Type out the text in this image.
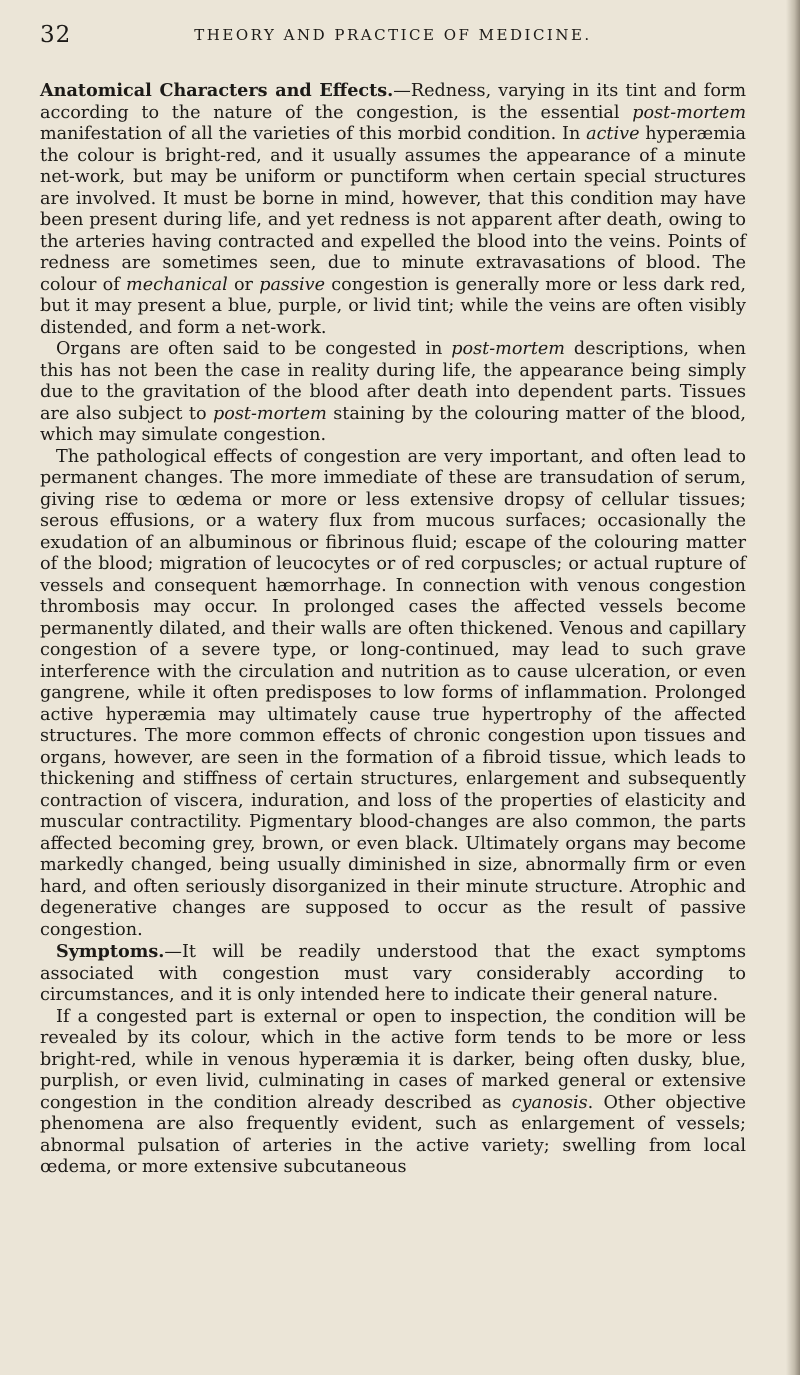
32	THEORY AND PRACTICE OF MEDICINE.

Anatomical Characters and Effects.—Redness, varying in its tint and form according to the nature of the congestion, is the essential post-mortem manifestation of all the varieties of this morbid condition. In active hyperæmia the colour is bright-red, and it usually assumes the appearance of a minute net-work, but may be uniform or punctiform when certain special structures are involved. It must be borne in mind, however, that this condition may have been present during life, and yet redness is not apparent after death, owing to the arteries having contracted and expelled the blood into the veins. Points of redness are sometimes seen, due to minute extravasations of blood. The colour of mechanical or passive congestion is generally more or less dark red, but it may present a blue, purple, or livid tint; while the veins are often visibly distended, and form a net-work.

Organs are often said to be congested in post-mortem descriptions, when this has not been the case in reality during life, the appearance being simply due to the gravitation of the blood after death into dependent parts. Tissues are also subject to post-mortem staining by the colouring matter of the blood, which may simulate congestion.

The pathological effects of congestion are very important, and often lead to permanent changes. The more immediate of these are transudation of serum, giving rise to œdema or more or less extensive dropsy of cellular tissues; serous effusions, or a watery flux from mucous surfaces; occasionally the exudation of an albuminous or fibrinous fluid; escape of the colouring matter of the blood; migration of leucocytes or of red corpuscles; or actual rupture of vessels and consequent hæmorrhage. In connection with venous congestion thrombosis may occur. In prolonged cases the affected vessels become permanently dilated, and their walls are often thickened. Venous and capillary congestion of a severe type, or long-continued, may lead to such grave interference with the circulation and nutrition as to cause ulceration, or even gangrene, while it often predisposes to low forms of inflammation. Prolonged active hyperæmia may ultimately cause true hypertrophy of the affected structures. The more common effects of chronic congestion upon tissues and organs, however, are seen in the formation of a fibroid tissue, which leads to thickening and stiffness of certain structures, enlargement and subsequently contraction of viscera, induration, and loss of the properties of elasticity and muscular contractility. Pigmentary blood-changes are also common, the parts affected becoming grey, brown, or even black. Ultimately organs may become markedly changed, being usually diminished in size, abnormally firm or even hard, and often seriously disorganized in their minute structure. Atrophic and degenerative changes are supposed to occur as the result of passive congestion.

Symptoms.—It will be readily understood that the exact symptoms associated with congestion must vary considerably according to circumstances, and it is only intended here to indicate their general nature.

If a congested part is external or open to inspection, the condition will be revealed by its colour, which in the active form tends to be more or less bright-red, while in venous hyperæmia it is darker, being often dusky, blue, purplish, or even livid, culminating in cases of marked general or extensive congestion in the condition already described as cyanosis. Other objective phenomena are also frequently evident, such as enlargement of vessels; abnormal pulsation of arteries in the active variety; swelling from local œdema, or more extensive subcutaneous
